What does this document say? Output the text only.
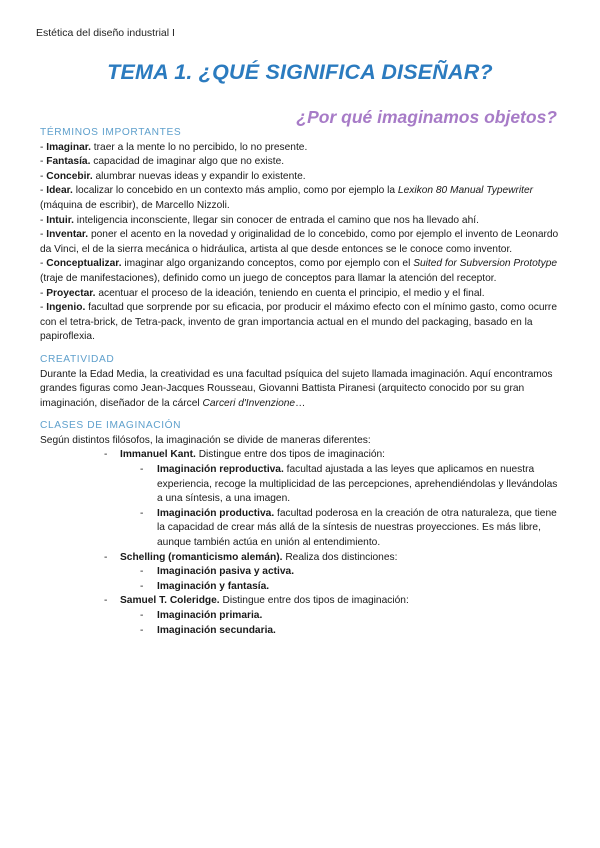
Estética del diseño industrial I
TEMA 1. ¿QUÉ SIGNIFICA DISEÑAR?
¿Por qué imaginamos objetos?

TÉRMINOS IMPORTANTES

- Imaginar. traer a la mente lo no percibido, lo no presente.

- Fantasía. capacidad de imaginar algo que no existe.

- Concebir. alumbrar nuevas ideas y expandir lo existente.

- Idear. localizar lo concebido en un contexto más amplio, como por ejemplo la Lexikon 80 Manual Typewriter (máquina de escribir), de Marcello Nizzoli.

- Intuir. inteligencia inconsciente, llegar sin conocer de entrada el camino que nos ha llevado ahí.

- Inventar. poner el acento en la novedad y originalidad de lo concebido, como por ejemplo el invento de Leonardo da Vinci, el de la sierra mecánica o hidráulica, artista al que desde entonces se le conoce como inventor.

- Conceptualizar. imaginar algo organizando conceptos, como por ejemplo con el Suited for Subversion Prototype (traje de manifestaciones), definido como un juego de conceptos para llamar la atención del receptor.

- Proyectar. acentuar el proceso de la ideación, teniendo en cuenta el principio, el medio y el final.

- Ingenio. facultad que sorprende por su eficacia, por producir el máximo efecto con el mínimo gasto, como ocurre con el tetra-brick, de Tetra-pack, invento de gran importancia actual en el mundo del packaging, basado en la papiroflexia.

CREATIVIDAD

Durante la Edad Media, la creatividad es una facultad psíquica del sujeto llamada imaginación. Aquí encontramos grandes figuras como Jean-Jacques Rousseau, Giovanni Battista Piranesi (arquitecto conocido por su gran imaginación, diseñador de la cárcel Carceri d'Invenzione…

CLASES DE IMAGINACIÓN

Según distintos filósofos, la imaginación se divide de maneras diferentes:

- Immanuel Kant. Distingue entre dos tipos de imaginación:
- Imaginación reproductiva. facultad ajustada a las leyes que aplicamos en nuestra experiencia, recoge la multiplicidad de las percepciones, aprehendiéndolas y llevándolas a una síntesis, a una imagen.
- Imaginación productiva. facultad poderosa en la creación de otra naturaleza, que tiene la capacidad de crear más allá de la síntesis de nuestras proyecciones. Es más libre, aunque también actúa en unión al entendimiento.
- Schelling (romanticismo alemán). Realiza dos distinciones:
- Imaginación pasiva y activa.
- Imaginación y fantasía.
- Samuel T. Coleridge. Distingue entre dos tipos de imaginación:
- Imaginación primaria.
- Imaginación secundaria.
